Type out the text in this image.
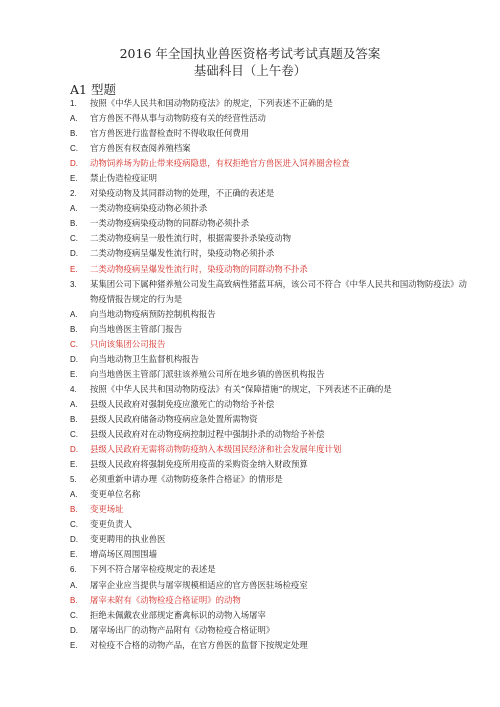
2016 年全国执业兽医资格考试考试真题及答案
基础科目（上午卷）
A1 型题
1.	按照《中华人民共和国动物防疫法》的规定，下列表述不正确的是
A.	官方兽医不得从事与动物防疫有关的经营性活动
B.	官方兽医进行监督检查时不得收取任何费用
C.	官方兽医有权查阅养殖档案
D.	动物饲养场为防止带来疫病隐患，有权拒绝官方兽医进入饲养圈舍检查
E.	禁止伪造检疫证明
2.	对染疫动物及其同群动物的处理，不正确的表述是
A.	一类动物疫病染疫动物必须扑杀
B.	一类动物疫病染疫动物的同群动物必须扑杀
C.	二类动物疫病呈一般性流行时，根据需要扑杀染疫动物
D.	二类动物疫病呈爆发性流行时，染疫动物必须扑杀
E.	二类动物疫病呈爆发性流行时，染疫动物的同群动物不扑杀
3.	某集团公司下属种猪养殖公司发生高致病性猪蓝耳病，该公司不符合《中华人民共和国动物防疫法》动物疫情报告规定的行为是
A.	向当地动物疫病预防控制机构报告
B.	向当地兽医主管部门报告
C.	只向该集团公司报告
D.	向当地动物卫生监督机构报告
E.	向当地兽医主管部门派驻该养殖公司所在地乡镇的兽医机构报告
4.	按照《中华人民共和国动物防疫法》有关“保障措施”的规定，下列表述不正确的是
A.	县级人民政府对强制免疫应激死亡的动物给予补偿
B.	县级人民政府储备动物疫病应急处置所需物资
C.	县级人民政府对在动物疫病控制过程中强制扑杀的动物给予补偿
D.	县级人民政府无需将动物防疫纳入本级国民经济和社会发展年度计划
E.	县级人民政府将强制免疫所用疫苗的采购资金纳入财政预算
5.	必须重新申请办理《动物防疫条件合格证》的情形是
A.	变更单位名称
B.	变更场址
C.	变更负责人
D.	变更聘用的执业兽医
E.	增高场区周围围墙
6.	下列不符合屠宰检疫规定的表述是
A.	屠宰企业应当提供与屠宰规模相适应的官方兽医驻场检疫室
B.	屠宰未附有《动物检疫合格证明》的动物
C.	拒绝未佩戴农业部规定畜禽标识的动物入场屠宰
D.	屠宰场出厂的动物产品附有《动物检疫合格证明》
E.	对检疫不合格的动物产品，在官方兽医的监督下按规定处理
